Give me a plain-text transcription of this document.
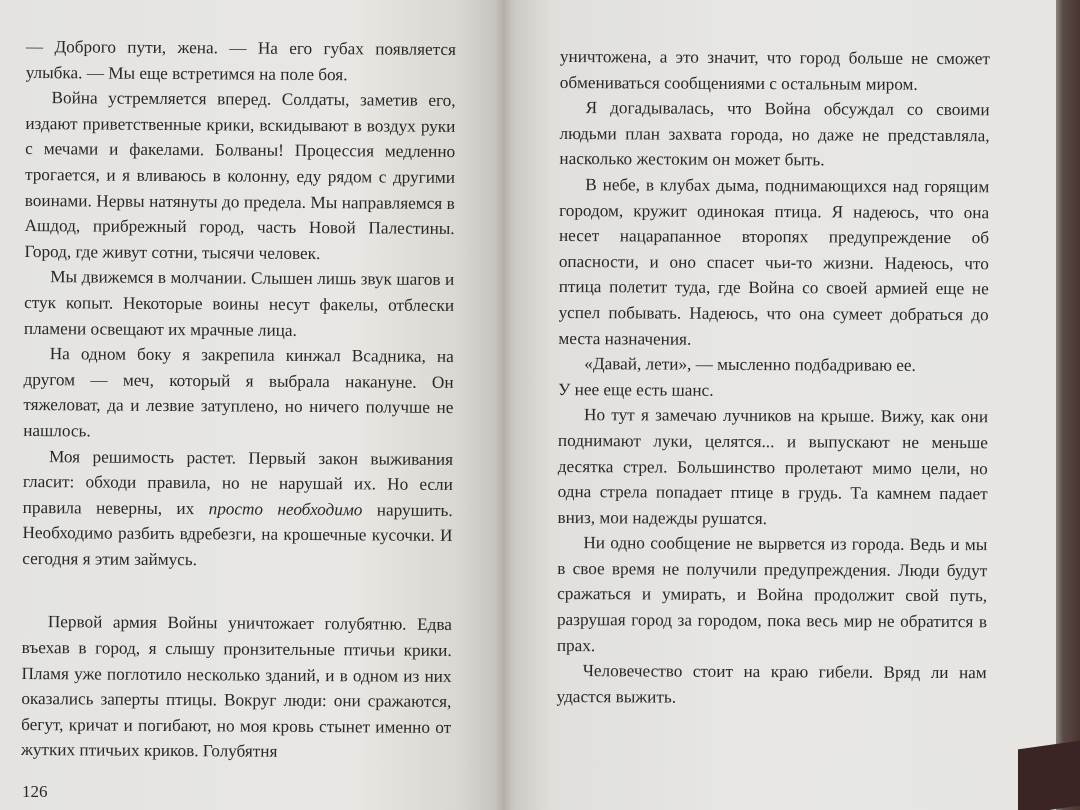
— Доброго пути, жена. — На его губах появляется улыбка. — Мы еще встретимся на поле боя.

Война устремляется вперед. Солдаты, заметив его, издают приветственные крики, вскидывают в воздух руки с мечами и факелами. Болваны! Процессия медленно трогается, и я вливаюсь в колонну, еду рядом с другими воинами. Нервы натянуты до предела. Мы направляемся в Ашдод, прибрежный город, часть Новой Палестины. Город, где живут сотни, тысячи человек.

Мы движемся в молчании. Слышен лишь звук шагов и стук копыт. Некоторые воины несут факелы, отблески пламени освещают их мрачные лица.

На одном боку я закрепила кинжал Всадника, на другом — меч, который я выбрала накануне. Он тяжеловат, да и лезвие затуплено, но ничего получше не нашлось.

Моя решимость растет. Первый закон выживания гласит: обходи правила, но не нарушай их. Но если правила неверны, их просто необходимо нарушить. Необходимо разбить вдребезги, на крошечные кусочки. И сегодня я этим займусь.

Первой армия Войны уничтожает голубятню. Едва въехав в город, я слышу пронзительные птичьи крики. Пламя уже поглотило несколько зданий, и в одном из них оказались заперты птицы. Вокруг люди: они сражаются, бегут, кричат и погибают, но моя кровь стынет именно от жутких птичьих криков. Голубятня

126

уничтожена, а это значит, что город больше не сможет обмениваться сообщениями с остальным миром.

Я догадывалась, что Война обсуждал со своими людьми план захвата города, но даже не представляла, насколько жестоким он может быть.

В небе, в клубах дыма, поднимающихся над горящим городом, кружит одинокая птица. Я надеюсь, что она несет нацарапанное второпях предупреждение об опасности, и оно спасет чьи-то жизни. Надеюсь, что птица полетит туда, где Война со своей армией еще не успел побывать. Надеюсь, что она сумеет добраться до места назначения.

«Давай, лети», — мысленно подбадриваю ее.

У нее еще есть шанс.

Но тут я замечаю лучников на крыше. Вижу, как они поднимают луки, целятся... и выпускают не меньше десятка стрел. Большинство пролетают мимо цели, но одна стрела попадает птице в грудь. Та камнем падает вниз, мои надежды рушатся.

Ни одно сообщение не вырвется из города. Ведь и мы в свое время не получили предупреждения. Люди будут сражаться и умирать, и Война продолжит свой путь, разрушая город за городом, пока весь мир не обратится в прах.

Человечество стоит на краю гибели. Вряд ли нам удастся выжить.
